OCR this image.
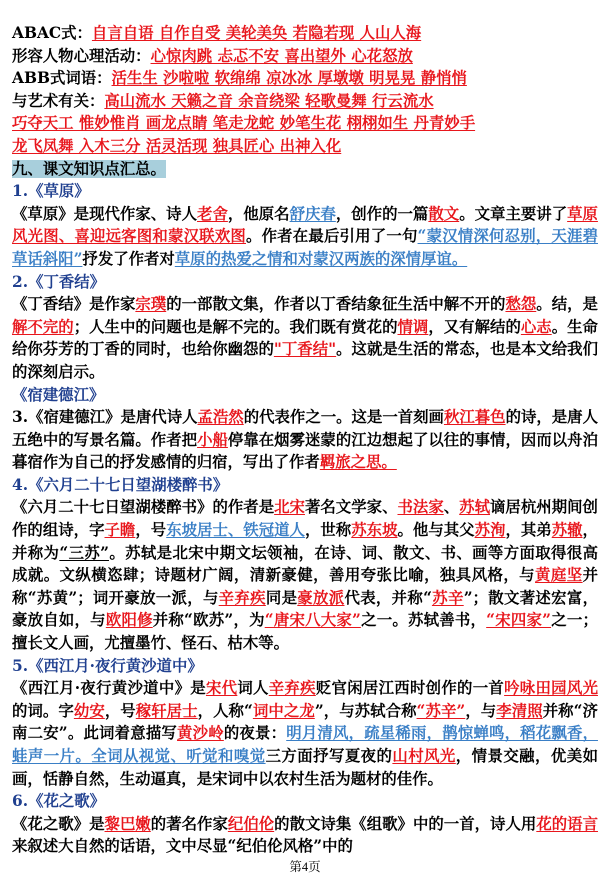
ABAC式：自言自语 自作自受 美轮美奂 若隐若现 人山人海
形容人物心理活动：心惊肉跳 忐忑不安 喜出望外 心花怒放
ABB式词语：活生生 沙啦啦 软绵绵 凉冰冰 厚墩墩 明晃晃 静悄悄
与艺术有关：高山流水 天籁之音 余音绕梁 轻歌曼舞 行云流水
巧夺天工 惟妙惟肖 画龙点睛 笔走龙蛇 妙笔生花 栩栩如生 丹青妙手
龙飞凤舞 入木三分 活灵活现 独具匠心 出神入化
九、课文知识点汇总。
1.《草原》
《草原》是现代作家、诗人老舍，他原名舒庆春，创作的一篇散文。文章主要讲了草原风光图、喜迎远客图和蒙汉联欢图。作者在最后引用了一句“蒙汉情深何忍别，天涯碧草话斜阳”抒发了作者对草原的热爱之情和对蒙汉两族的深情厚谊。
2.《丁香结》
《丁香结》是作家宗璞的一部散文集，作者以丁香结象征生活中解不开的愁怨。结，是解不完的；人生中的问题也是解不完的。我们既有赏花的情调，又有解结的心志。生命给你芬芳的丁香的同时，也给你幽怨的"丁香结"。这就是生活的常态，也是本文给我们的深刻启示。
《宿建德江》
3.《宿建德江》是唐代诗人孟浩然的代表作之一。这是一首刻画秋江暮色的诗，是唐人五绝中的写景名篇。作者把小船停靠在烟雾迷蒙的江边想起了以往的事情，因而以舟泊暮宿作为自己的抒发感情的归宿，写出了作者羁旅之思。
4.《六月二十七日望湖楼醉书》
《六月二十七日望湖楼醉书》的作者是北宋著名文学家、书法家、苏轼谪居杭州期间创作的组诗，字子瞻，号东坡居士、铁冠道人，世称苏东坡。他与其父苏洵，其弟苏辙，并称为“三苏”。苏轼是北宋中期文坛领袖，在诗、词、散文、书、画等方面取得很高成就。文纵横恣肆；诗题材广阔，清新豪健，善用夸张比喻，独具风格，与黄庭坚并称“苏黄”；词开豪放一派，与辛弃疾同是豪放派代表，并称“苏辛”；散文著述宏富，豪放自如，与欧阳修并称“欧苏”，为“唐宋八大家”之一。苏轼善书，“宋四家”之一；擅长文人画，尤擅墨竹、怪石、枯木等。
5.《西江月·夜行黄沙道中》
《西江月·夜行黄沙道中》是宋代词人辛弃疾贬官闲居江西时创作的一首吟咏田园风光的词。字幼安，号稼轩居士，人称“词中之龙”，与苏轼合称“苏辛”，与李清照并称“济南二安”。此词着意描写黄沙岭的夜景：明月清风，疏星稀雨，鹊惊蝉鸣，稻花飘香，蛙声一片。全词从视觉、听觉和嗅觉三方面抒写夏夜的山村风光，情景交融，优美如画，恬静自然，生动逼真，是宋词中以农村生活为题材的佳作。
6.《花之歌》
《花之歌》是黎巴嫩的著名作家纪伯伦的散文诗集《组歌》中的一首，诗人用花的语言来叙述大自然的话语，文中尽显“纪伯伦风格”中的
第4页
